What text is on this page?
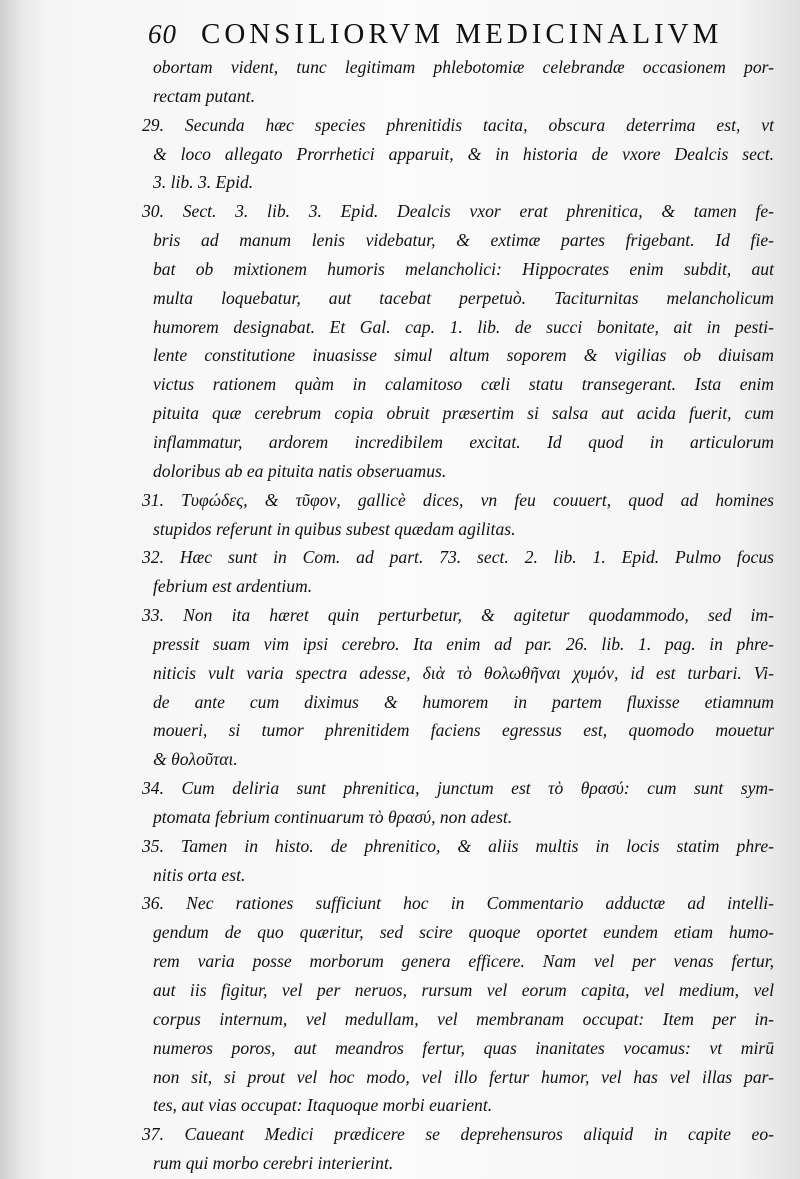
60 CONSILIORVM MEDICINALIVM
obortam vident, tunc legitimam phlebotomiæ celebrandæ occasionem por-
rectam putant.
29. Secunda hæc species phrenitidis tacita, obscura deterrima est, vt
& loco allegato Prorrhetici apparuit, & in historia de vxore Dealcis sect.
3. lib. 3. Epid.
30. Sect. 3. lib. 3. Epid. Dealcis vxor erat phrenitica, & tamen fe-
bris ad manum lenis videbatur, & extimæ partes frigebant. Id fie-
bat ob mixtionem humoris melancholici: Hippocrates enim subdit, aut
multa loquebatur, aut tacebat perpetuò. Taciturnitas melancholicum
humorem designabat. Et Gal. cap. 1. lib. de succi bonitate, ait in pesti-
lente constitutione inuasisse simul altum soporem & vigilias ob diuisam
victus rationem quàm in calamitoso cæli statu transegerant. Ista enim
pituita quæ cerebrum copia obruit præsertim si salsa aut acida fuerit, cum
inflammatur, ardorem incredibilem excitat. Id quod in articulorum
doloribus ab ea pituita natis obseruamus.
31. Τυφώδες, & τῦφον, gallicè dices, vn feu couuert, quod ad homines
stupidos referunt in quibus subest quædam agilitas.
32. Hæc sunt in Com. ad part. 73. sect. 2. lib. 1. Epid. Pulmo focus
febrium est ardentium.
33. Non ita hæret quin perturbetur, & agitetur quodammodo, sed im-
pressit suam vim ipsi cerebro. Ita enim ad par. 26. lib. 1. pag. in phre-
niticis vult varia spectra adesse, διὰ τὸ θολωθῆναι χυμόν, id est turbari. Vi-
de ante cum diximus & humorem in partem fluxisse etiamnum
moueri, si tumor phrenitidem faciens egressus est, quomodo mouetur
& θολοῦται.
34. Cum deliria sunt phrenitica, junctum est τὸ θρασύ: cum sunt sym-
ptomata febrium continuarum τὸ θρασύ, non adest.
35. Tamen in histo. de phrenitico, & aliis multis in locis statim phre-
nitis orta est.
36. Nec rationes sufficiunt hoc in Commentario adductæ ad intelli-
gendum de quo quæritur, sed scire quoque oportet eundem etiam humo-
rem varia posse morborum genera efficere. Nam vel per venas fertur,
aut iis figitur, vel per neruos, rursum vel eorum capita, vel medium, vel
corpus internum, vel medullam, vel membranam occupat: Item per in-
numeros poros, aut meandros fertur, quas inanitates vocamus: vt mirū
non sit, si prout vel hoc modo, vel illo fertur humor, vel has vel illas par-
tes, aut vias occupat: Itaquoque morbi euarient.
37. Caueant Medici prædicere se deprehensuros aliquid in capite eo-
rum qui morbo cerebri interierint.
